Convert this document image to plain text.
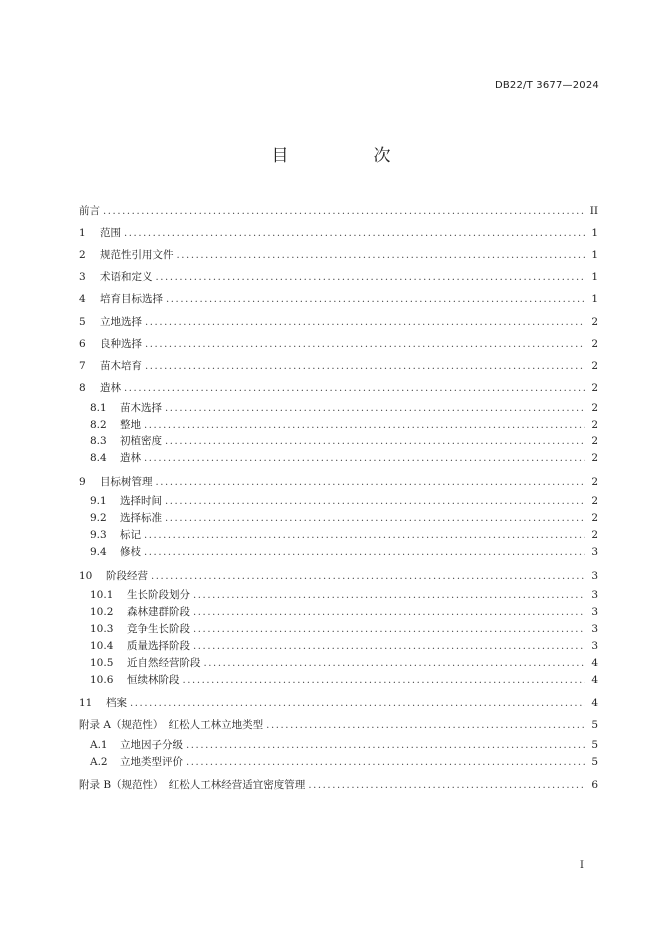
DB22/T 3677—2024
目　次
前言 .....	II
1	范围 .....	1
2	规范性引用文件 .....	1
3	术语和定义 .....	1
4	培育目标选择 .....	1
5	立地选择 .....	2
6	良种选择 .....	2
7	苗木培育 .....	2
8	造林 .....	2
8.1	苗木选择 .....	2
8.2	整地 .....	2
8.3	初植密度 .....	2
8.4	造林 .....	2
9	目标树管理 .....	2
9.1	选择时间 .....	2
9.2	选择标准 .....	2
9.3	标记 .....	2
9.4	修枝 .....	3
10	阶段经营 .....	3
10.1	生长阶段划分 .....	3
10.2	森林建群阶段 .....	3
10.3	竞争生长阶段 .....	3
10.4	质量选择阶段 .....	3
10.5	近自然经营阶段 .....	4
10.6	恒续林阶段 .....	4
11	档案 .....	4
附录 A（规范性）　红松人工林立地类型 .....	5
A.1	立地因子分级 .....	5
A.2	立地类型评价 .....	5
附录 B（规范性）　红松人工林经营适宜密度管理 .....	6
I
